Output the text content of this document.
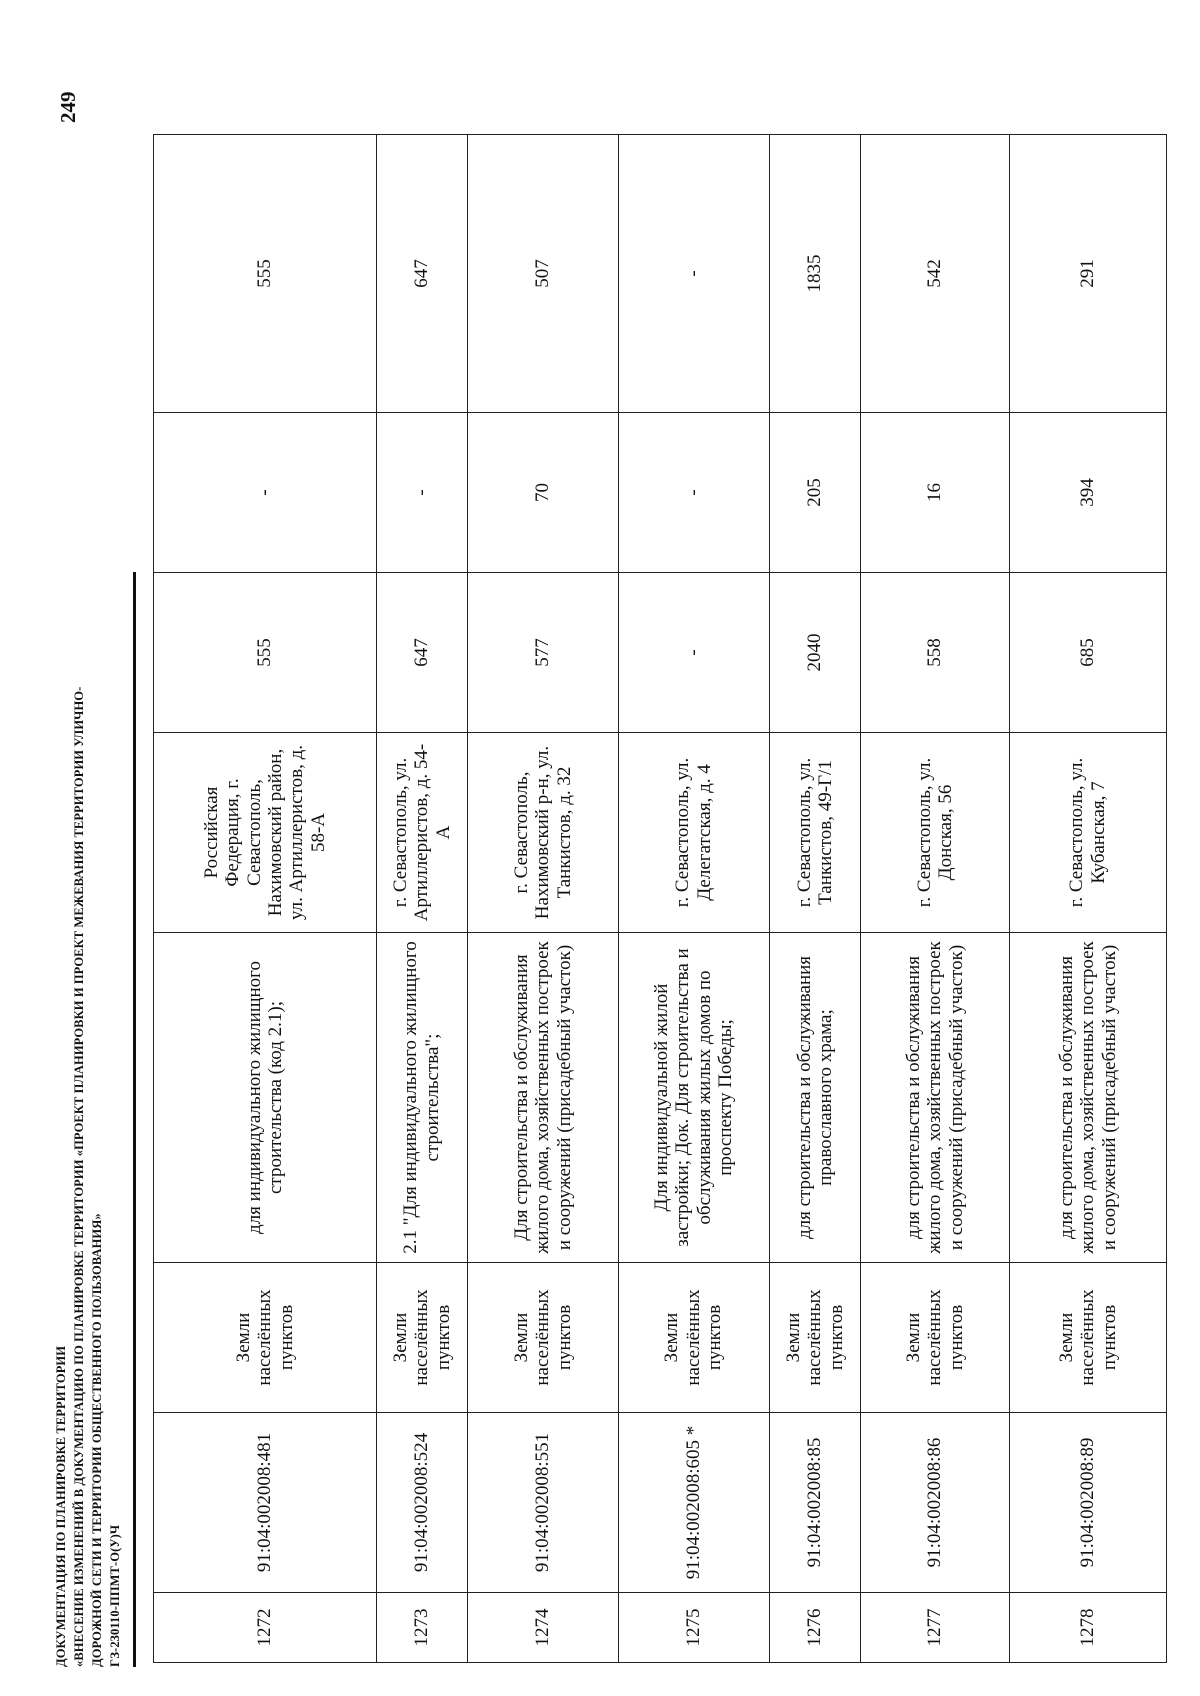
249
ДОКУМЕНТАЦИЯ ПО ПЛАНИРОВКЕ ТЕРРИТОРИИ «ВНЕСЕНИЕ ИЗМЕНЕНИЙ В ДОКУМЕНТАЦИЮ ПО ПЛАНИРОВКЕ ТЕРРИТОРИИ «ПРОЕКТ ПЛАНИРОВКИ И ПРОЕКТ МЕЖЕВАНИЯ ТЕРРИТОРИИ УЛИЧНО- ДОРОЖНОЙ СЕТИ И ТЕРРИТОРИИ ОБЩЕСТВЕННОГО ПОЛЬЗОВАНИЯ» ГЗ-230110-ППМТ-О(У)Ч	1272	91:04:002008:481	Земли населённых пунктов	для индивидуального жилищного строительства (код 2.1);	Российская Федерация, г. Севастополь, Нахимовский район, ул. Артиллеристов, д. 58-А	555	-	555
1273	91:04:002008:524	Земли населённых пунктов	2.1 "Для индивидуального жилищного строительства";	г. Севастополь, ул. Артиллеристов, д. 54-А	647	-	647
1274	91:04:002008:551	Земли населённых пунктов	Для строительства и обслуживания жилого дома, хозяйственных построек и сооружений (присадебный участок)	г. Севастополь, Нахимовский р-н, ул. Танкистов, д. 32	577	70	507
1275	91:04:002008:605 *	Земли населённых пунктов	Для индивидуальной жилой застройки; Док. Для строительства и обслуживания жилых домов по проспекту Победы;	г. Севастополь, ул. Делегатская, д. 4	-	-	-
1276	91:04:002008:85	Земли населённых пунктов	для строительства и обслуживания православного храма;	г. Севастополь, ул. Танкистов, 49-Г/1	2040	205	1835
1277	91:04:002008:86	Земли населённых пунктов	для строительства и обслуживания жилого дома, хозяйственных построек и сооружений (присадебный участок)	г. Севастополь, ул. Донская, 56	558	16	542
1278	91:04:002008:89	Земли населённых пунктов	для строительства и обслуживания жилого дома, хозяйственных построек и сооружений (присадебный участок)	г. Севастополь, ул. Кубанская, 7	685	394	291
